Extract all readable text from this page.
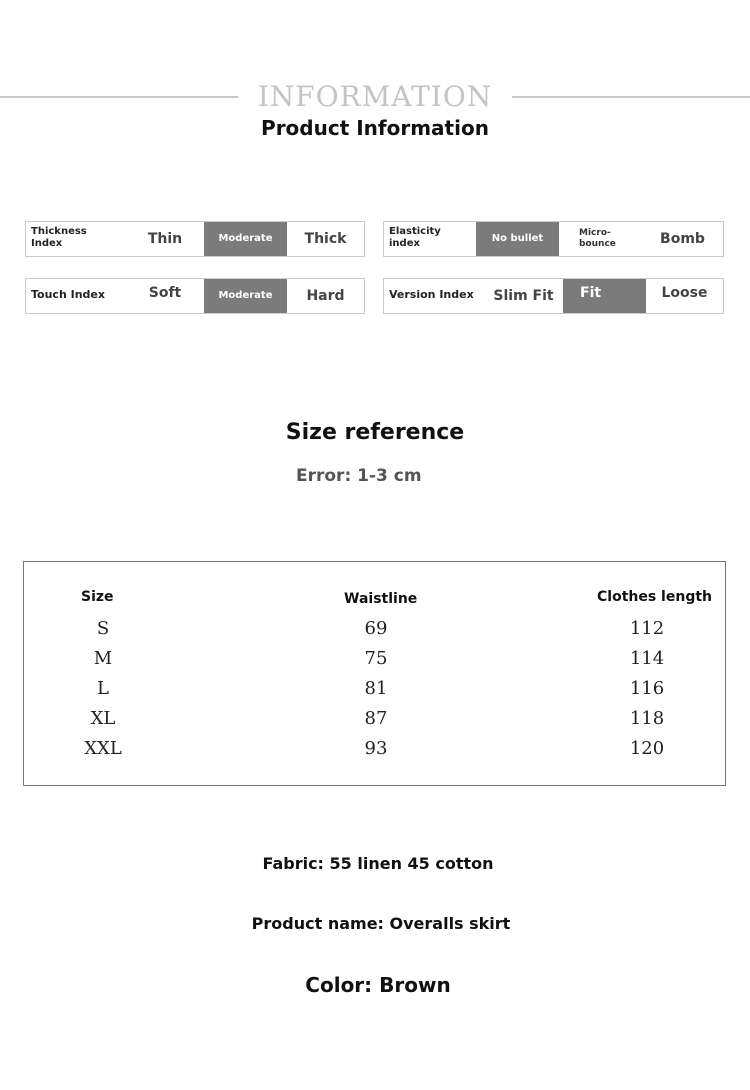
INFORMATION
Product Information
Thickness Index	Thin	Moderate	Thick	Elasticity index	No bullet	Micro-bounce	Bomb
Touch Index	Soft	Moderate	Hard	Version Index	Slim Fit	Fit	Loose
Size reference
Error: 1-3 cm
Size	Waistline	Clothes length
S	69	112
M	75	114
L	81	116
XL	87	118
XXL	93	120
Fabric: 55 linen 45 cotton
Product name: Overalls skirt
Color: Brown
